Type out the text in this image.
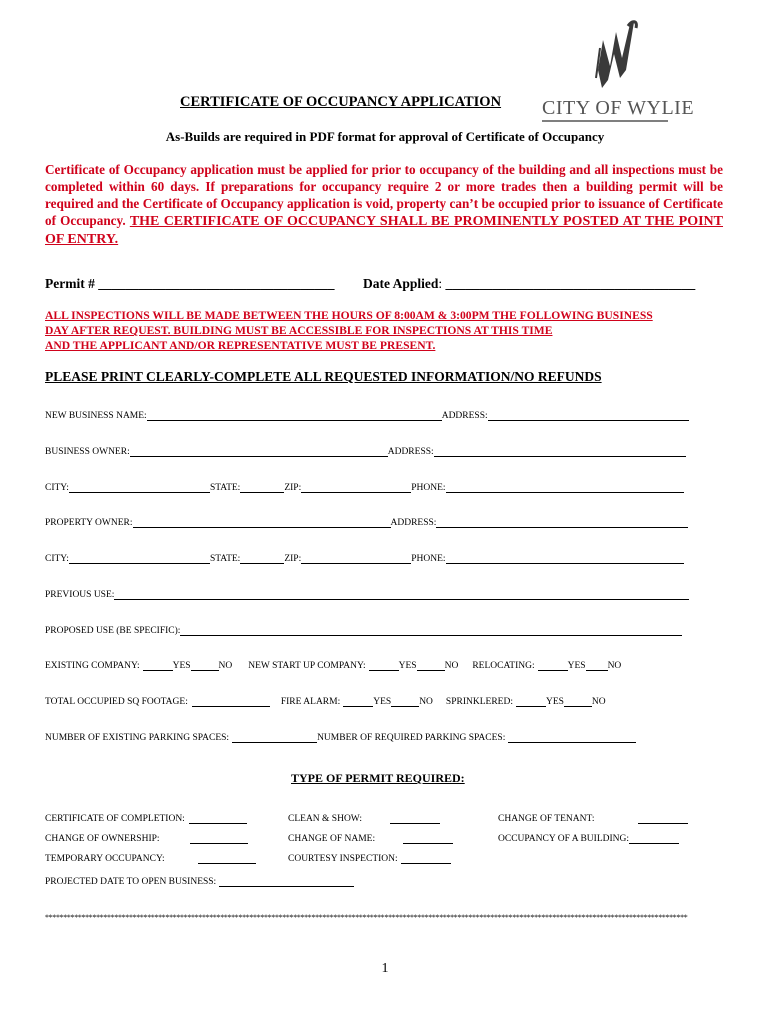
CITY OF WYLIE
CERTIFICATE OF OCCUPANCY APPLICATION
As-Builds are required in PDF format for approval of Certificate of Occupancy
Certificate of Occupancy application must be applied for prior to occupancy of the building and all inspections must be completed within 60 days. If preparations for occupancy require 2 or more trades then a building permit will be required and the Certificate of Occupancy application is void, property can’t be occupied prior to issuance of Certificate of Occupancy. THE CERTIFICATE OF OCCUPANCY SHALL BE PROMINENTLY POSTED AT THE POINT OF ENTRY.
Permit # ___________________________________ Date Applied: _____________________________________
ALL INSPECTIONS WILL BE MADE BETWEEN THE HOURS OF 8:00AM & 3:00PM THE FOLLOWING BUSINESS
DAY AFTER REQUEST. BUILDING MUST BE ACCESSIBLE FOR INSPECTIONS AT THIS TIME
AND THE APPLICANT AND/OR REPRESENTATIVE MUST BE PRESENT.
PLEASE PRINT CLEARLY-COMPLETE ALL REQUESTED INFORMATION/NO REFUNDS
NEW BUSINESS NAME:	ADDRESS:
BUSINESS OWNER:	ADDRESS:
CITY:	STATE:	ZIP:	PHONE:
PROPERTY OWNER:	ADDRESS:
CITY:	STATE:	ZIP:	PHONE:
PREVIOUS USE:
PROPOSED USE (BE SPECIFIC):
EXISTING COMPANY:	YES	NO NEW START UP COMPANY:	YES	NO RELOCATING:	YES NO
TOTAL OCCUPIED SQ FOOTAGE:	FIRE ALARM:	YES	NO SPRINKLERED:	YES	NO
NUMBER OF EXISTING PARKING SPACES:	NUMBER OF REQUIRED PARKING SPACES:
TYPE OF PERMIT REQUIRED:
CERTIFICATE OF COMPLETION:	CLEAN & SHOW:	CHANGE OF TENANT:
CHANGE OF OWNERSHIP:	CHANGE OF NAME:	OCCUPANCY OF A BUILDING:
TEMPORARY OCCUPANCY:	COURTESY INSPECTION:
PROJECTED DATE TO OPEN BUSINESS:
********************************************************************************************************************************************************************************
1
